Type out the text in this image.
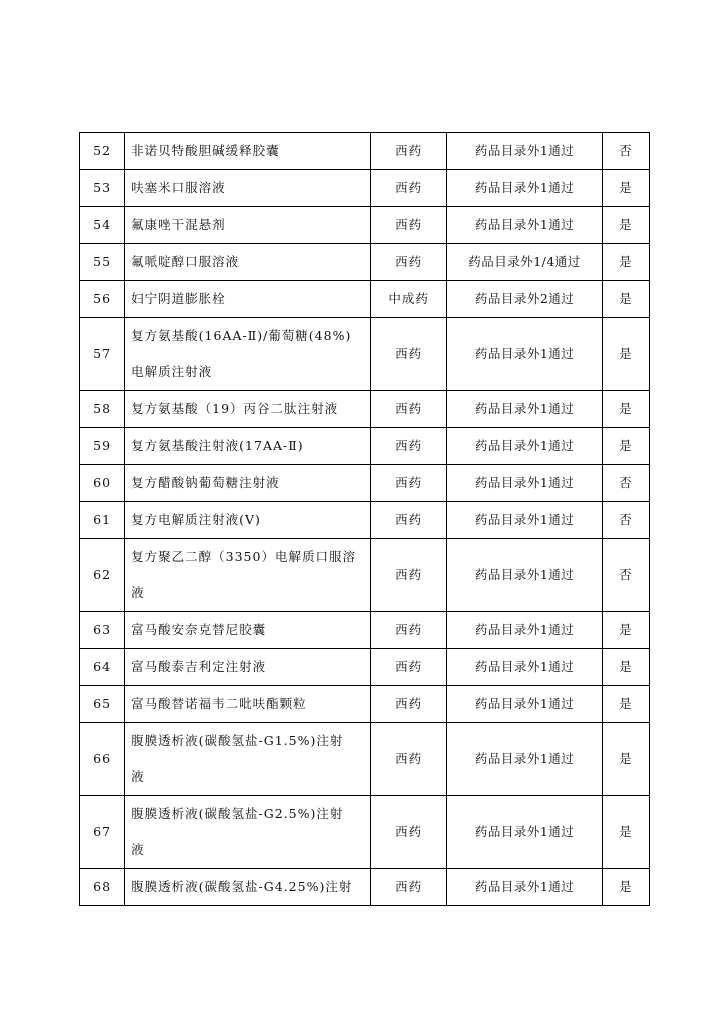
52	非诺贝特酸胆碱缓释胶囊	西药	药品目录外1通过	否
53	呋塞米口服溶液	西药	药品目录外1通过	是
54	氟康唑干混悬剂	西药	药品目录外1通过	是
55	氟哌啶醇口服溶液	西药	药品目录外1/4通过	是
56	妇宁阴道膨胀栓	中成药	药品目录外2通过	是
57	复方氨基酸(16AA-Ⅱ)/葡萄糖(48%)
电解质注射液	西药	药品目录外1通过	是
58	复方氨基酸（19）丙谷二肽注射液	西药	药品目录外1通过	是
59	复方氨基酸注射液(17AA-Ⅱ)	西药	药品目录外1通过	是
60	复方醋酸钠葡萄糖注射液	西药	药品目录外1通过	否
61	复方电解质注射液(Ⅴ)	西药	药品目录外1通过	否
62	复方聚乙二醇（3350）电解质口服溶
液	西药	药品目录外1通过	否
63	富马酸安奈克替尼胶囊	西药	药品目录外1通过	是
64	富马酸泰吉利定注射液	西药	药品目录外1通过	是
65	富马酸替诺福韦二吡呋酯颗粒	西药	药品目录外1通过	是
66	腹膜透析液(碳酸氢盐-G1.5%)注射
液	西药	药品目录外1通过	是
67	腹膜透析液(碳酸氢盐-G2.5%)注射
液	西药	药品目录外1通过	是
68	腹膜透析液(碳酸氢盐-G4.25%)注射	西药	药品目录外1通过	是
